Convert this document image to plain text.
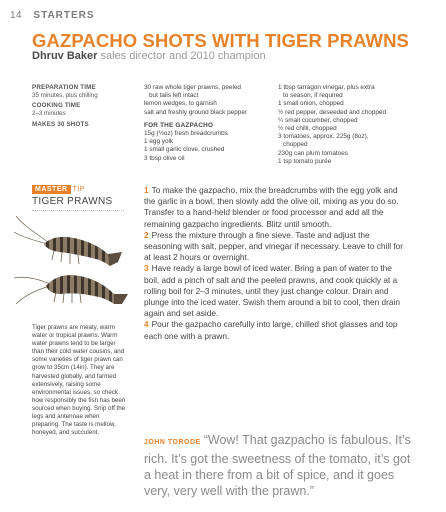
14 STARTERS
GAZPACHO SHOTS WITH TIGER PRAWNS
Dhruv Baker sales director and 2010 champion
PREPARATION TIME
35 minutes, plus chilling
COOKING TIME
2–3 minutes
MAKES 30 SHOTS
30 raw whole tiger prawns, peeled
but tails left intact
lemon wedges, to garnish
salt and freshly ground black pepper
FOR THE GAZPACHO
15g (½oz) fresh breadcrumbs
1 egg yolk
1 small garlic clove, crushed
3 tbsp olive oil
1 tbsp tarragon vinegar, plus extra
to season, if required
1 small onion, chopped
½ red pepper, deseeded and chopped
¼ small cucumber, chopped
½ red chilli, chopped
3 tomatoes, approx. 225g (8oz),
chopped
230g can plum tomatoes
1 tsp tomato purée
MASTER TIP
TIGER PRAWNS
Tiger prawns are meaty, warm water or tropical prawns. Warm water prawns tend to be larger than their cold water cousins, and some varieties of tiger prawn can grow to 35cm (14in). They are harvested globally, and farmed extensively, raising some environmental issues, so check how responsibly the fish has been sourced when buying. Snip off the legs and antennae when preparing. The taste is mellow, honeyed, and succulent.

1 To make the gazpacho, mix the breadcrumbs with the egg yolk and the garlic in a bowl, then slowly add the olive oil, mixing as you do so. Transfer to a hand-held blender or food processor and add all the remaining gazpacho ingredients. Blitz until smooth.

2 Press the mixture through a fine sieve. Taste and adjust the seasoning with salt, pepper, and vinegar if necessary. Leave to chill for at least 2 hours or overnight.

3 Have ready a large bowl of iced water. Bring a pan of water to the boil, add a pinch of salt and the peeled prawns, and cook quickly at a rolling boil for 2–3 minutes, until they just change colour. Drain and plunge into the iced water. Swish them around a bit to cool, then drain again and set aside.

4 Pour the gazpacho carefully into large, chilled shot glasses and top each one with a prawn.

JOHN TORODE “Wow! That gazpacho is fabulous. It’s rich. It’s got the sweetness of the tomato, it’s got a heat in there from a bit of spice, and it goes very, very well with the prawn.”
